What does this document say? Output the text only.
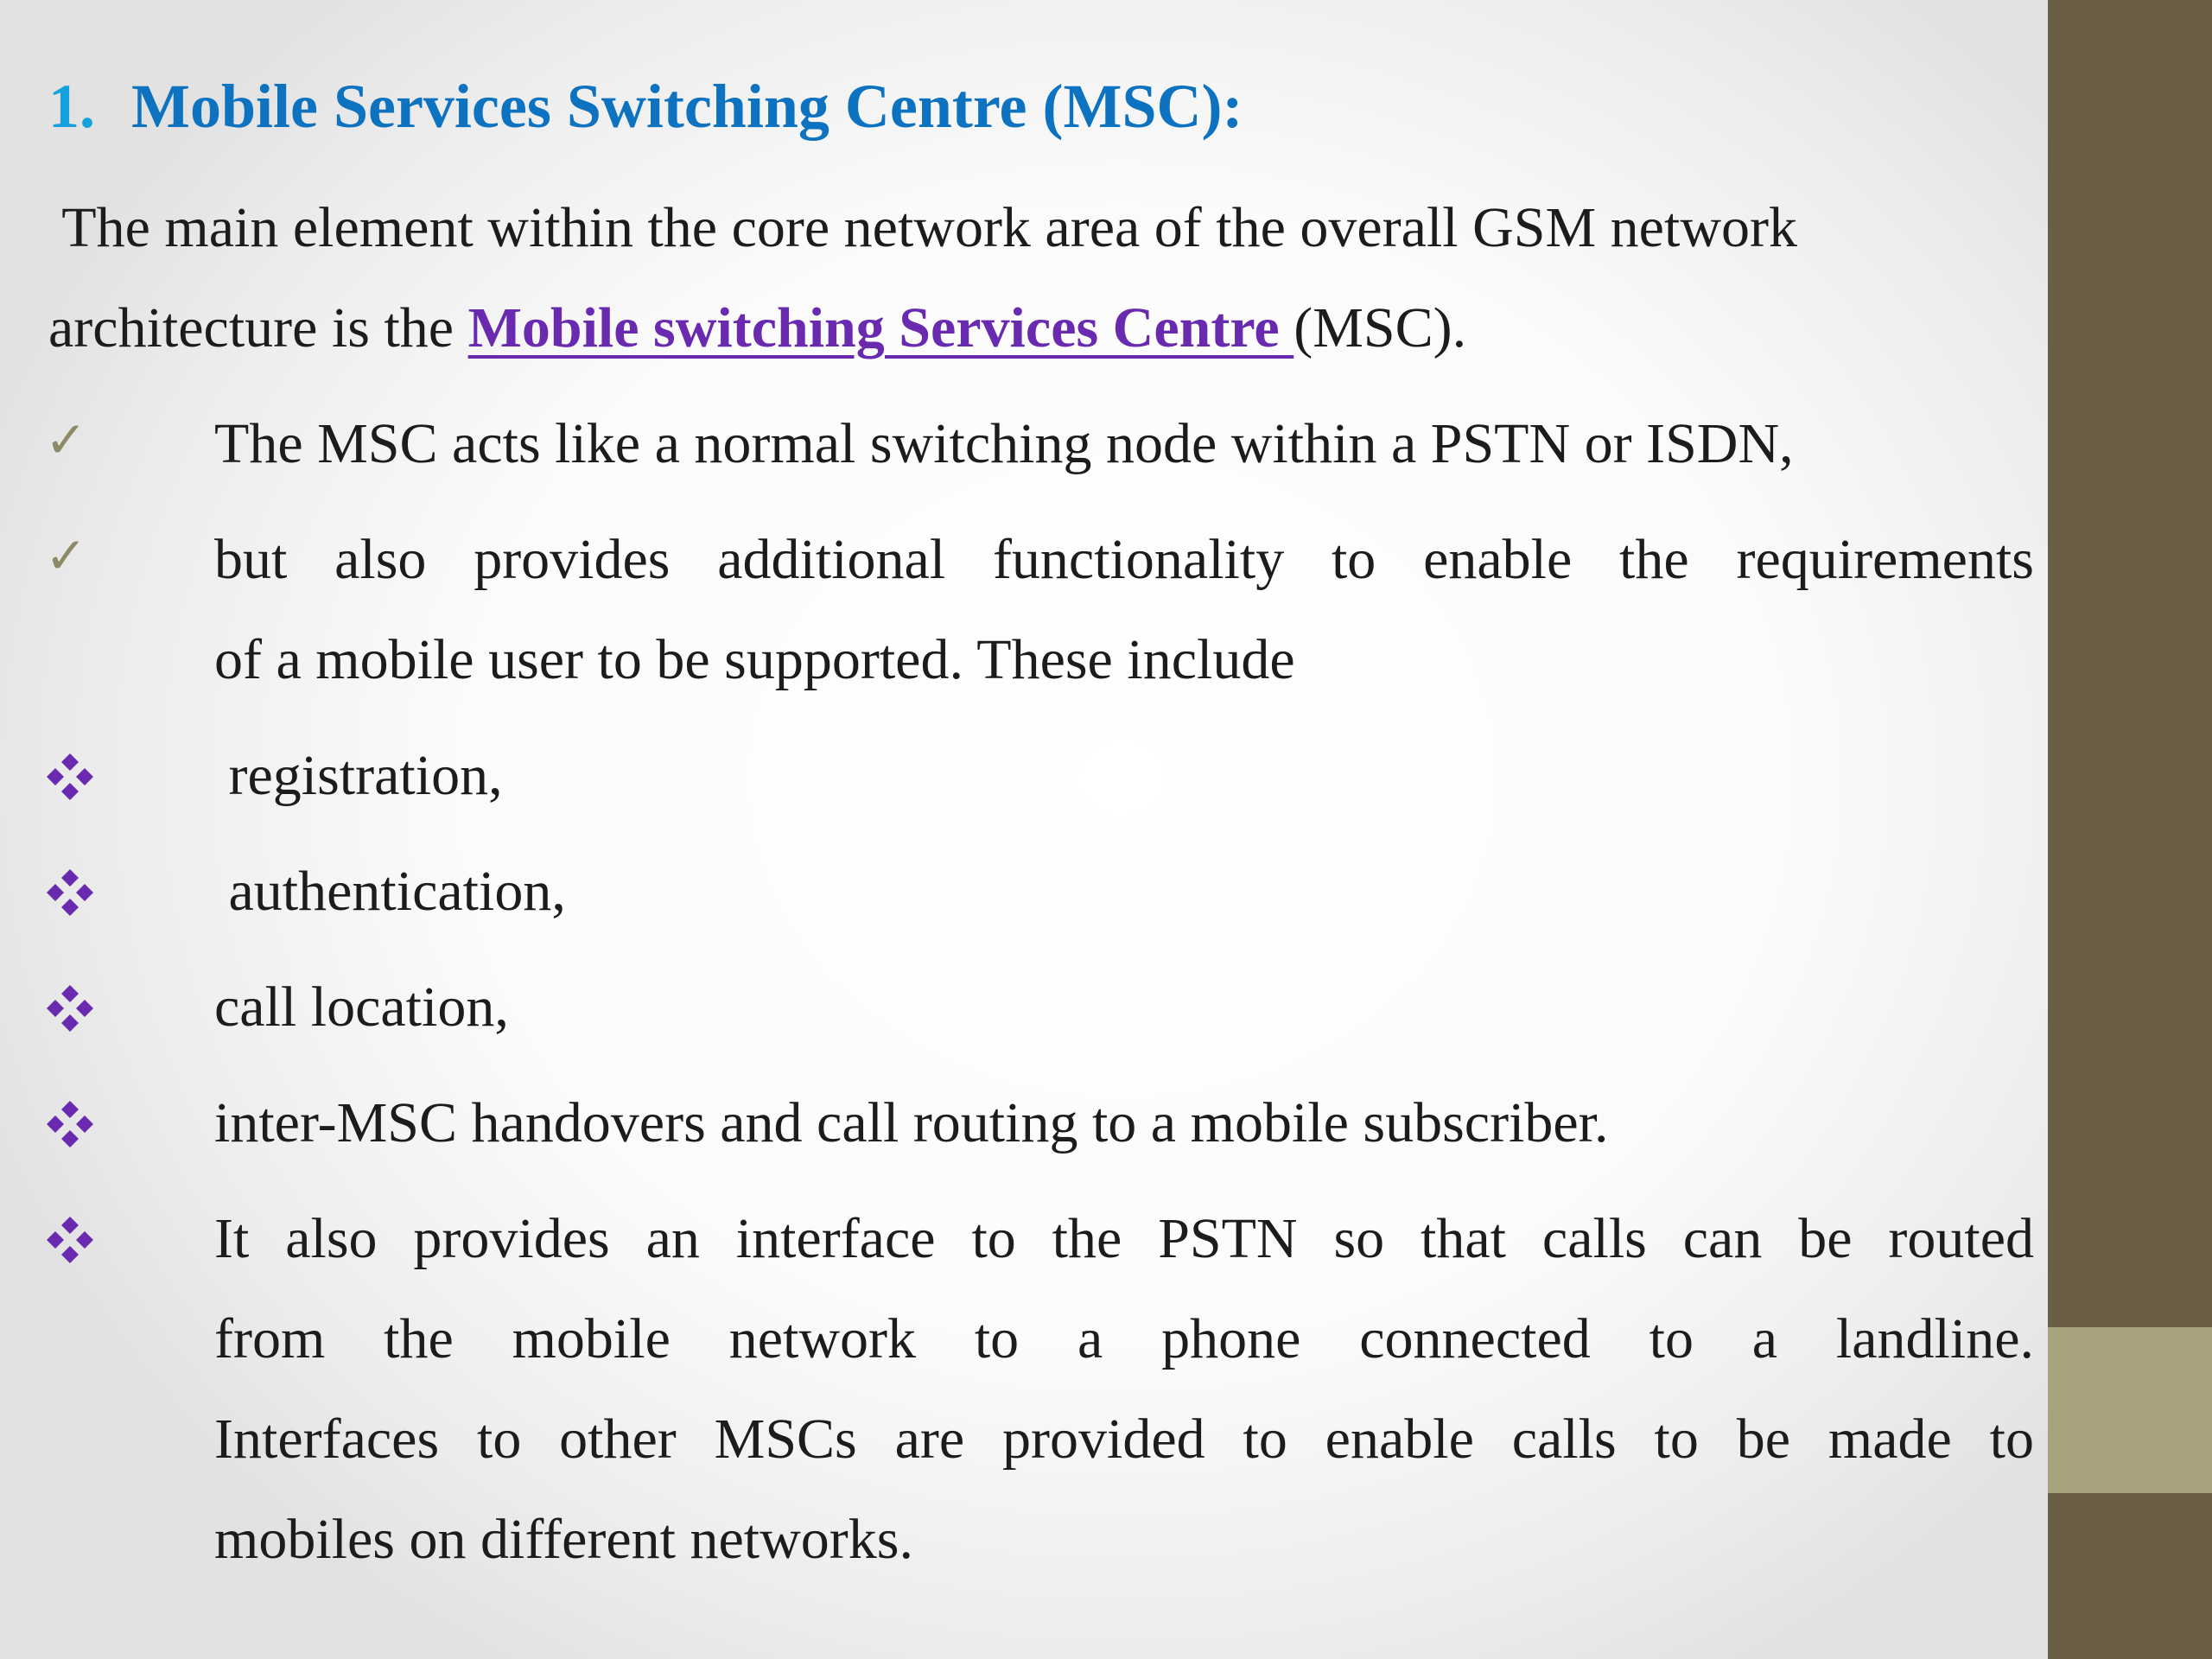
1. Mobile Services Switching Centre (MSC):
The main element within the core network area of the overall GSM network
architecture is the Mobile switching Services Centre (MSC).
✓	The MSC acts like a normal switching node within a PSTN or ISDN,
✓	but also provides additional functionality to enable the requirements
of a mobile user to be supported. These include
registration,
authentication,
call location,
inter-MSC handovers and call routing to a mobile subscriber.
It also provides an interface to the PSTN so that calls can be routed
from the mobile network to a phone connected to a landline.
Interfaces to other MSCs are provided to enable calls to be made to
mobiles on different networks.
